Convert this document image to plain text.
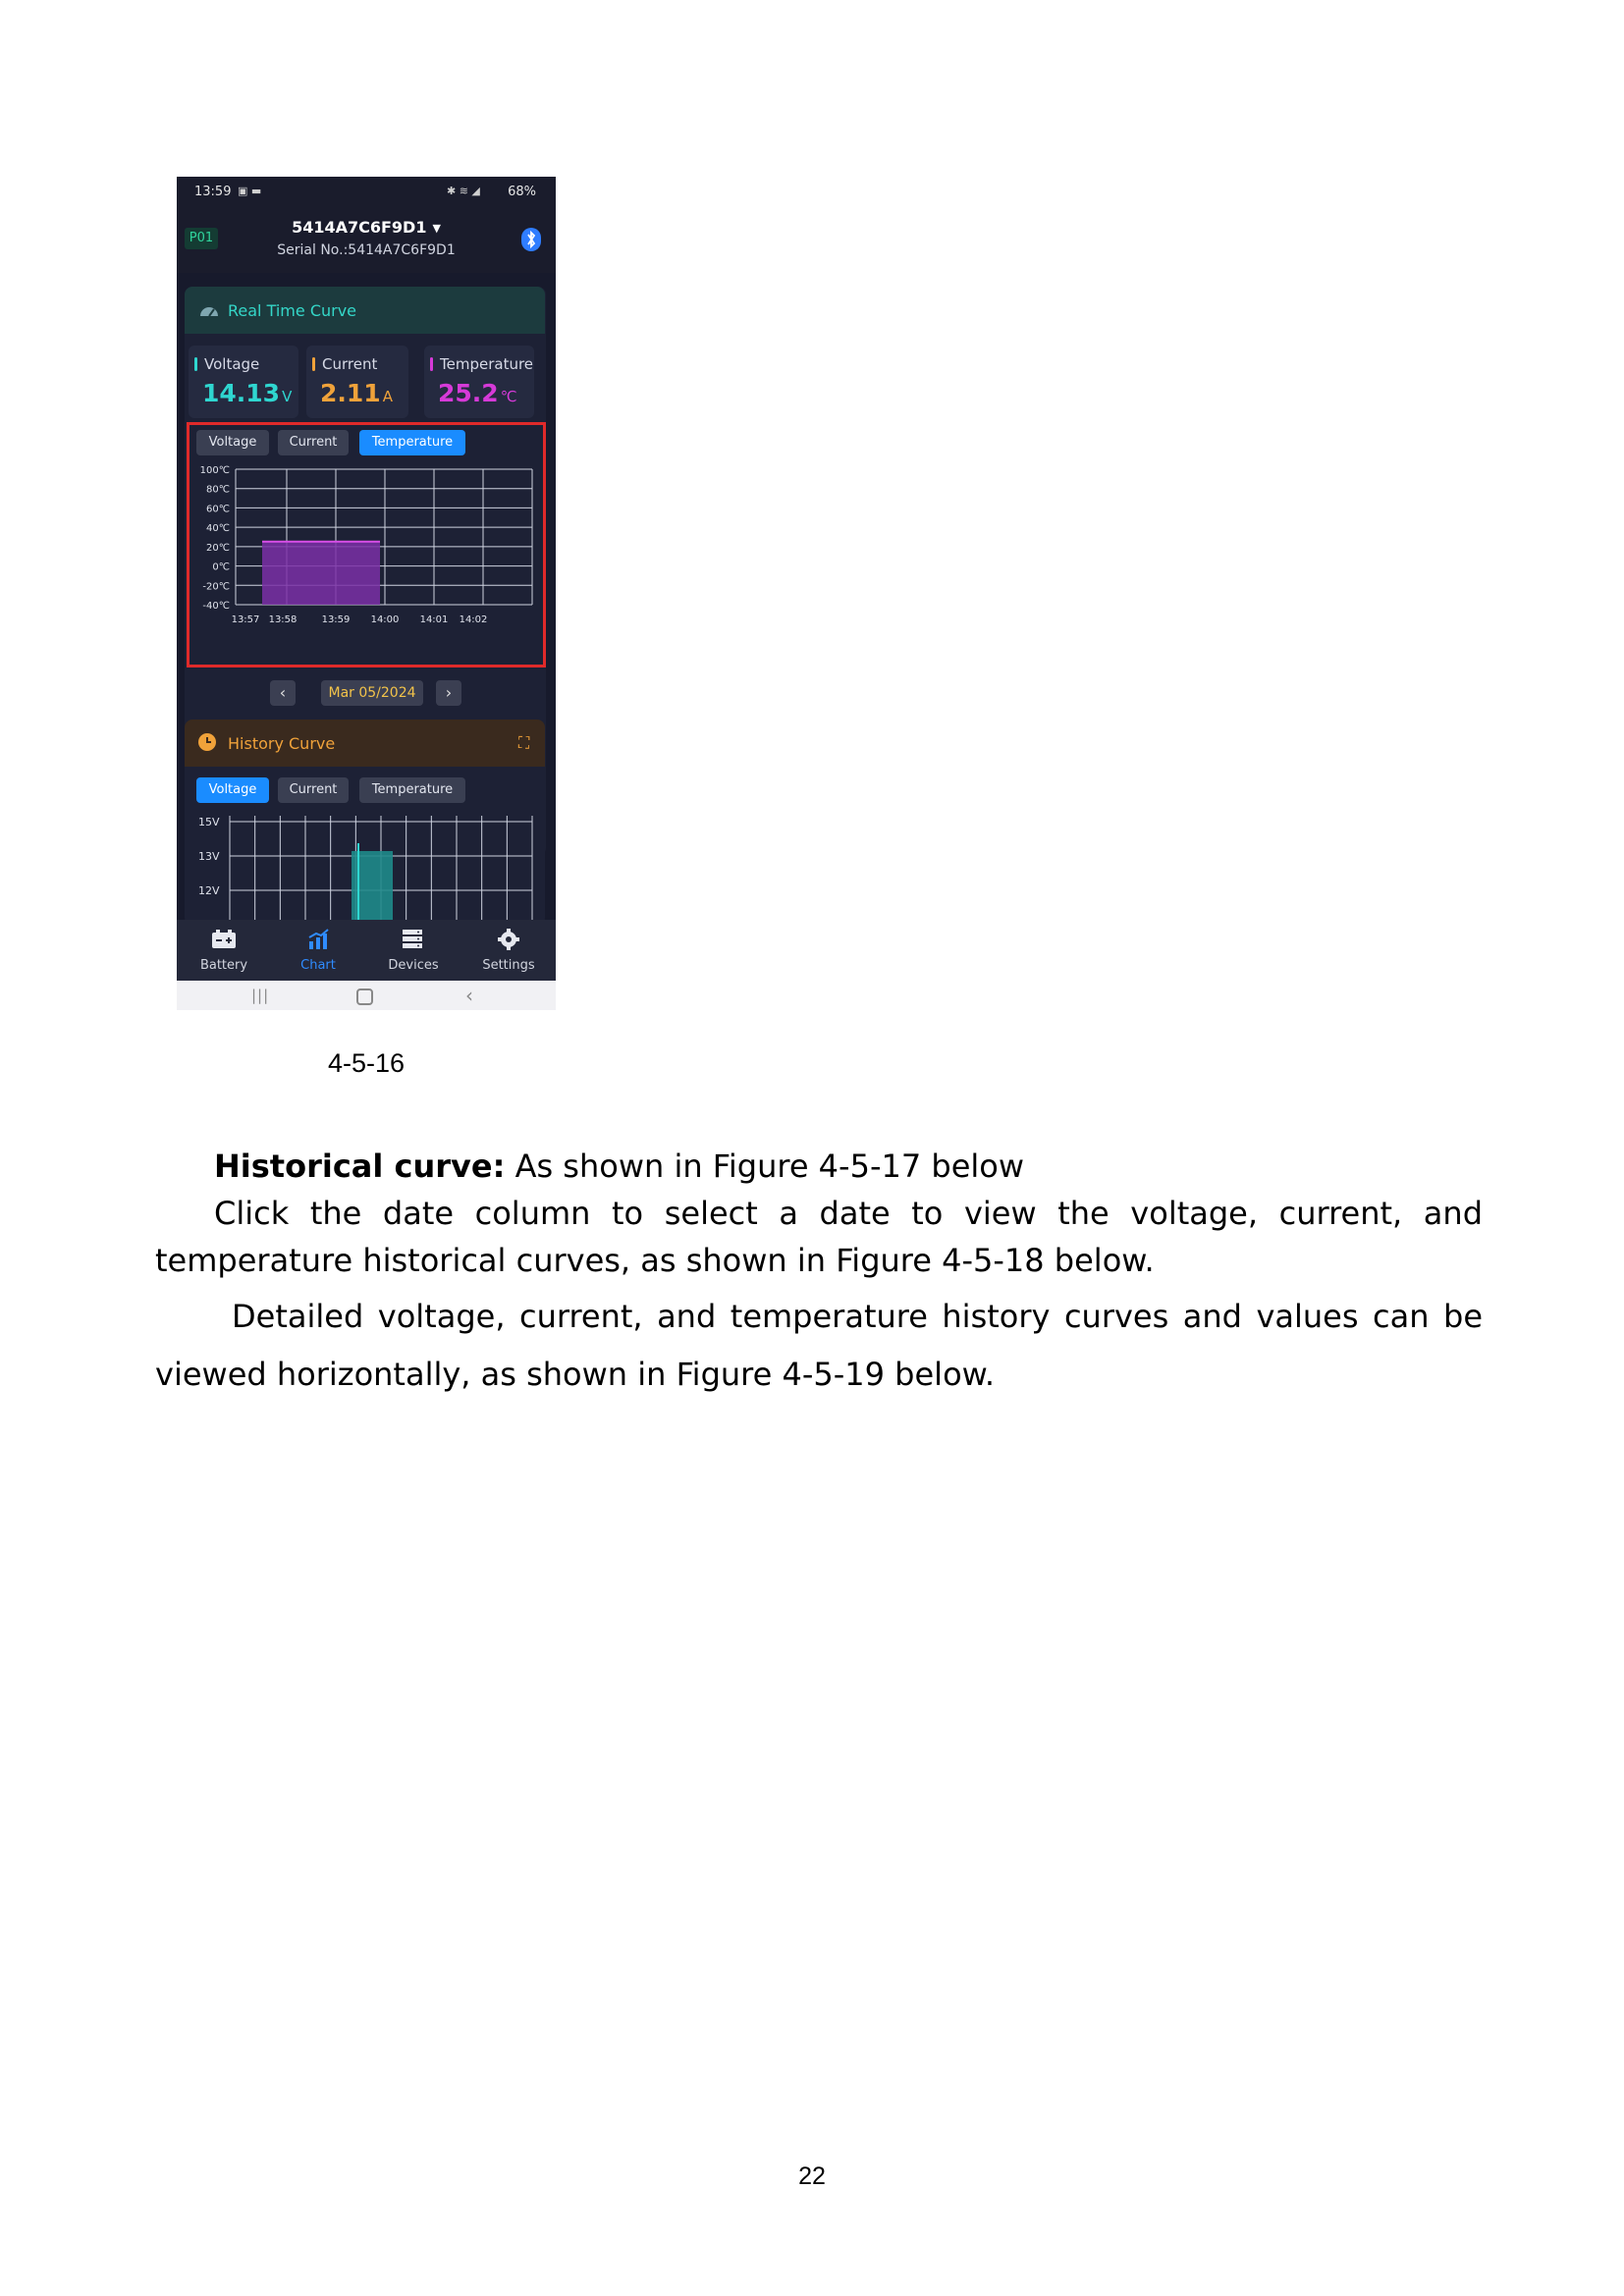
13:59 ▣ ▬	✱ ≋ ◢ 68%
P01
5414A7C6F9D1 ▼
Serial No.:5414A7C6F9D1
Real Time Curve
Voltage
14.13 V
Current
2.11 A
Temperature
25.2 ℃
Voltage	Current	Temperature
100℃
80℃
60℃
40℃
20℃
0℃
-20℃
-40℃
13:57 13:58	13:59 14:00 14:01 14:02
‹	Mar 05/2024	›
History Curve	⛶
Voltage	Current	Temperature
15V
13V
12V
Battery	Chart	Devices	Settings
|||	‹
4-5-16
Historical curve: As shown in Figure 4-5-17 below
Click the date column to select a date to view the voltage, current, and
temperature historical curves, as shown in Figure 4-5-18 below.
Detailed voltage, current, and temperature history curves and values can be
viewed horizontally, as shown in Figure 4-5-19 below.
22
